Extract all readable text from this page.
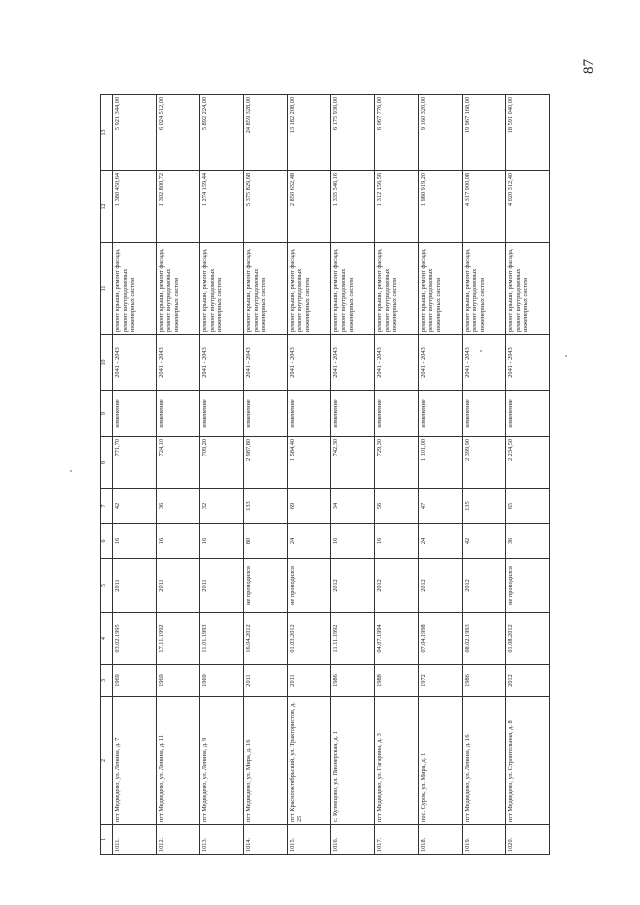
87
1	2	3	4	5	6	7	8	9	10	11	12	13
1011.	пгт Медведево, ул. Ленина, д. 7	1969	03.02.1995	2011	16	42	771,70	изменение	2041 - 2043	ремонт крыши, ремонт фасада, ремонт внутридомовых инженерных систем	1 380 450,64	5 921 344,00
1012.	пгт Медведево, ул. Ленина, д. 11	1969	17.11.1992	2011	16	36	724,10	изменение	2041 - 2043	ремонт крыши, ремонт фасада, ремонт внутридомовых инженерных систем	1 302 800,72	6 024 512,00
1013.	пгт Медведево, ул. Ленина, д. 9	1969	11.01.1993	2011	16	32	709,20	изменение	2041 - 2043	ремонт крыши, ремонт фасада, ремонт внутридомовых инженерных систем	1 274 159,44	5 892 224,00
1014.	пгт Медведево, ул. Мира, д. 16	2011	16.04.2012	не проводился	80	133	2 987,80	изменение	2041 - 2043	ремонт крыши, ремонт фасада, ремонт внутридомовых инженерных систем	5 375 829,68	24 859 328,00
1015.	пгт Краснооктябрьский, ул. Трактористов, д. 25	2011	01.03.2012	не проводился	24	69	1 584,40	изменение	2041 - 2043	ремонт крыши, ремонт фасада, ремонт внутридомовых инженерных систем	2 850 652,48	13 182 208,00
1016.	с. Кузнецово, ул. Пионерская, д. 1	1986	11.11.1992	2012	16	34	742,30	изменение	2041 - 2043	ремонт крыши, ремонт фасада, ремонт внутридомовых инженерных систем	1 335 546,16	6 175 936,00
1017.	пгт Медведево, ул. Гагарина, д. 3	1988	04.07.1994	2012	16	56	729,30	изменение	2041 - 2043	ремонт крыши, ремонт фасада, ремонт внутридомовых инженерных систем	1 312 156,56	6 067 776,00
1018.	пос. Сурок, ул. Мира, д. 1	1972	07.04.1998	2012	24	47	1 101,00	изменение	2041 - 2043	ремонт крыши, ремонт фасада, ремонт внутридомовых инженерных систем	1 980 919,20	9 160 320,00
1019.	пгт Медведево, ул. Ленина, д. 16	1986	08.02.1993	2012	42	135	2 399,90	изменение	2041 - 2043	ремонт крыши, ремонт фасада, ремонт внутридомовых инженерных систем	4 317 900,08	19 967 168,00
1020.	пгт Медведево, ул. Строительная, д. 8	2012	01.08.2012	не проводился	36	65	2 234,50	изменение	2041 - 2043	ремонт крыши, ремонт фасада, ремонт внутридомовых инженерных систем	4 020 312,40	18 591 040,00
